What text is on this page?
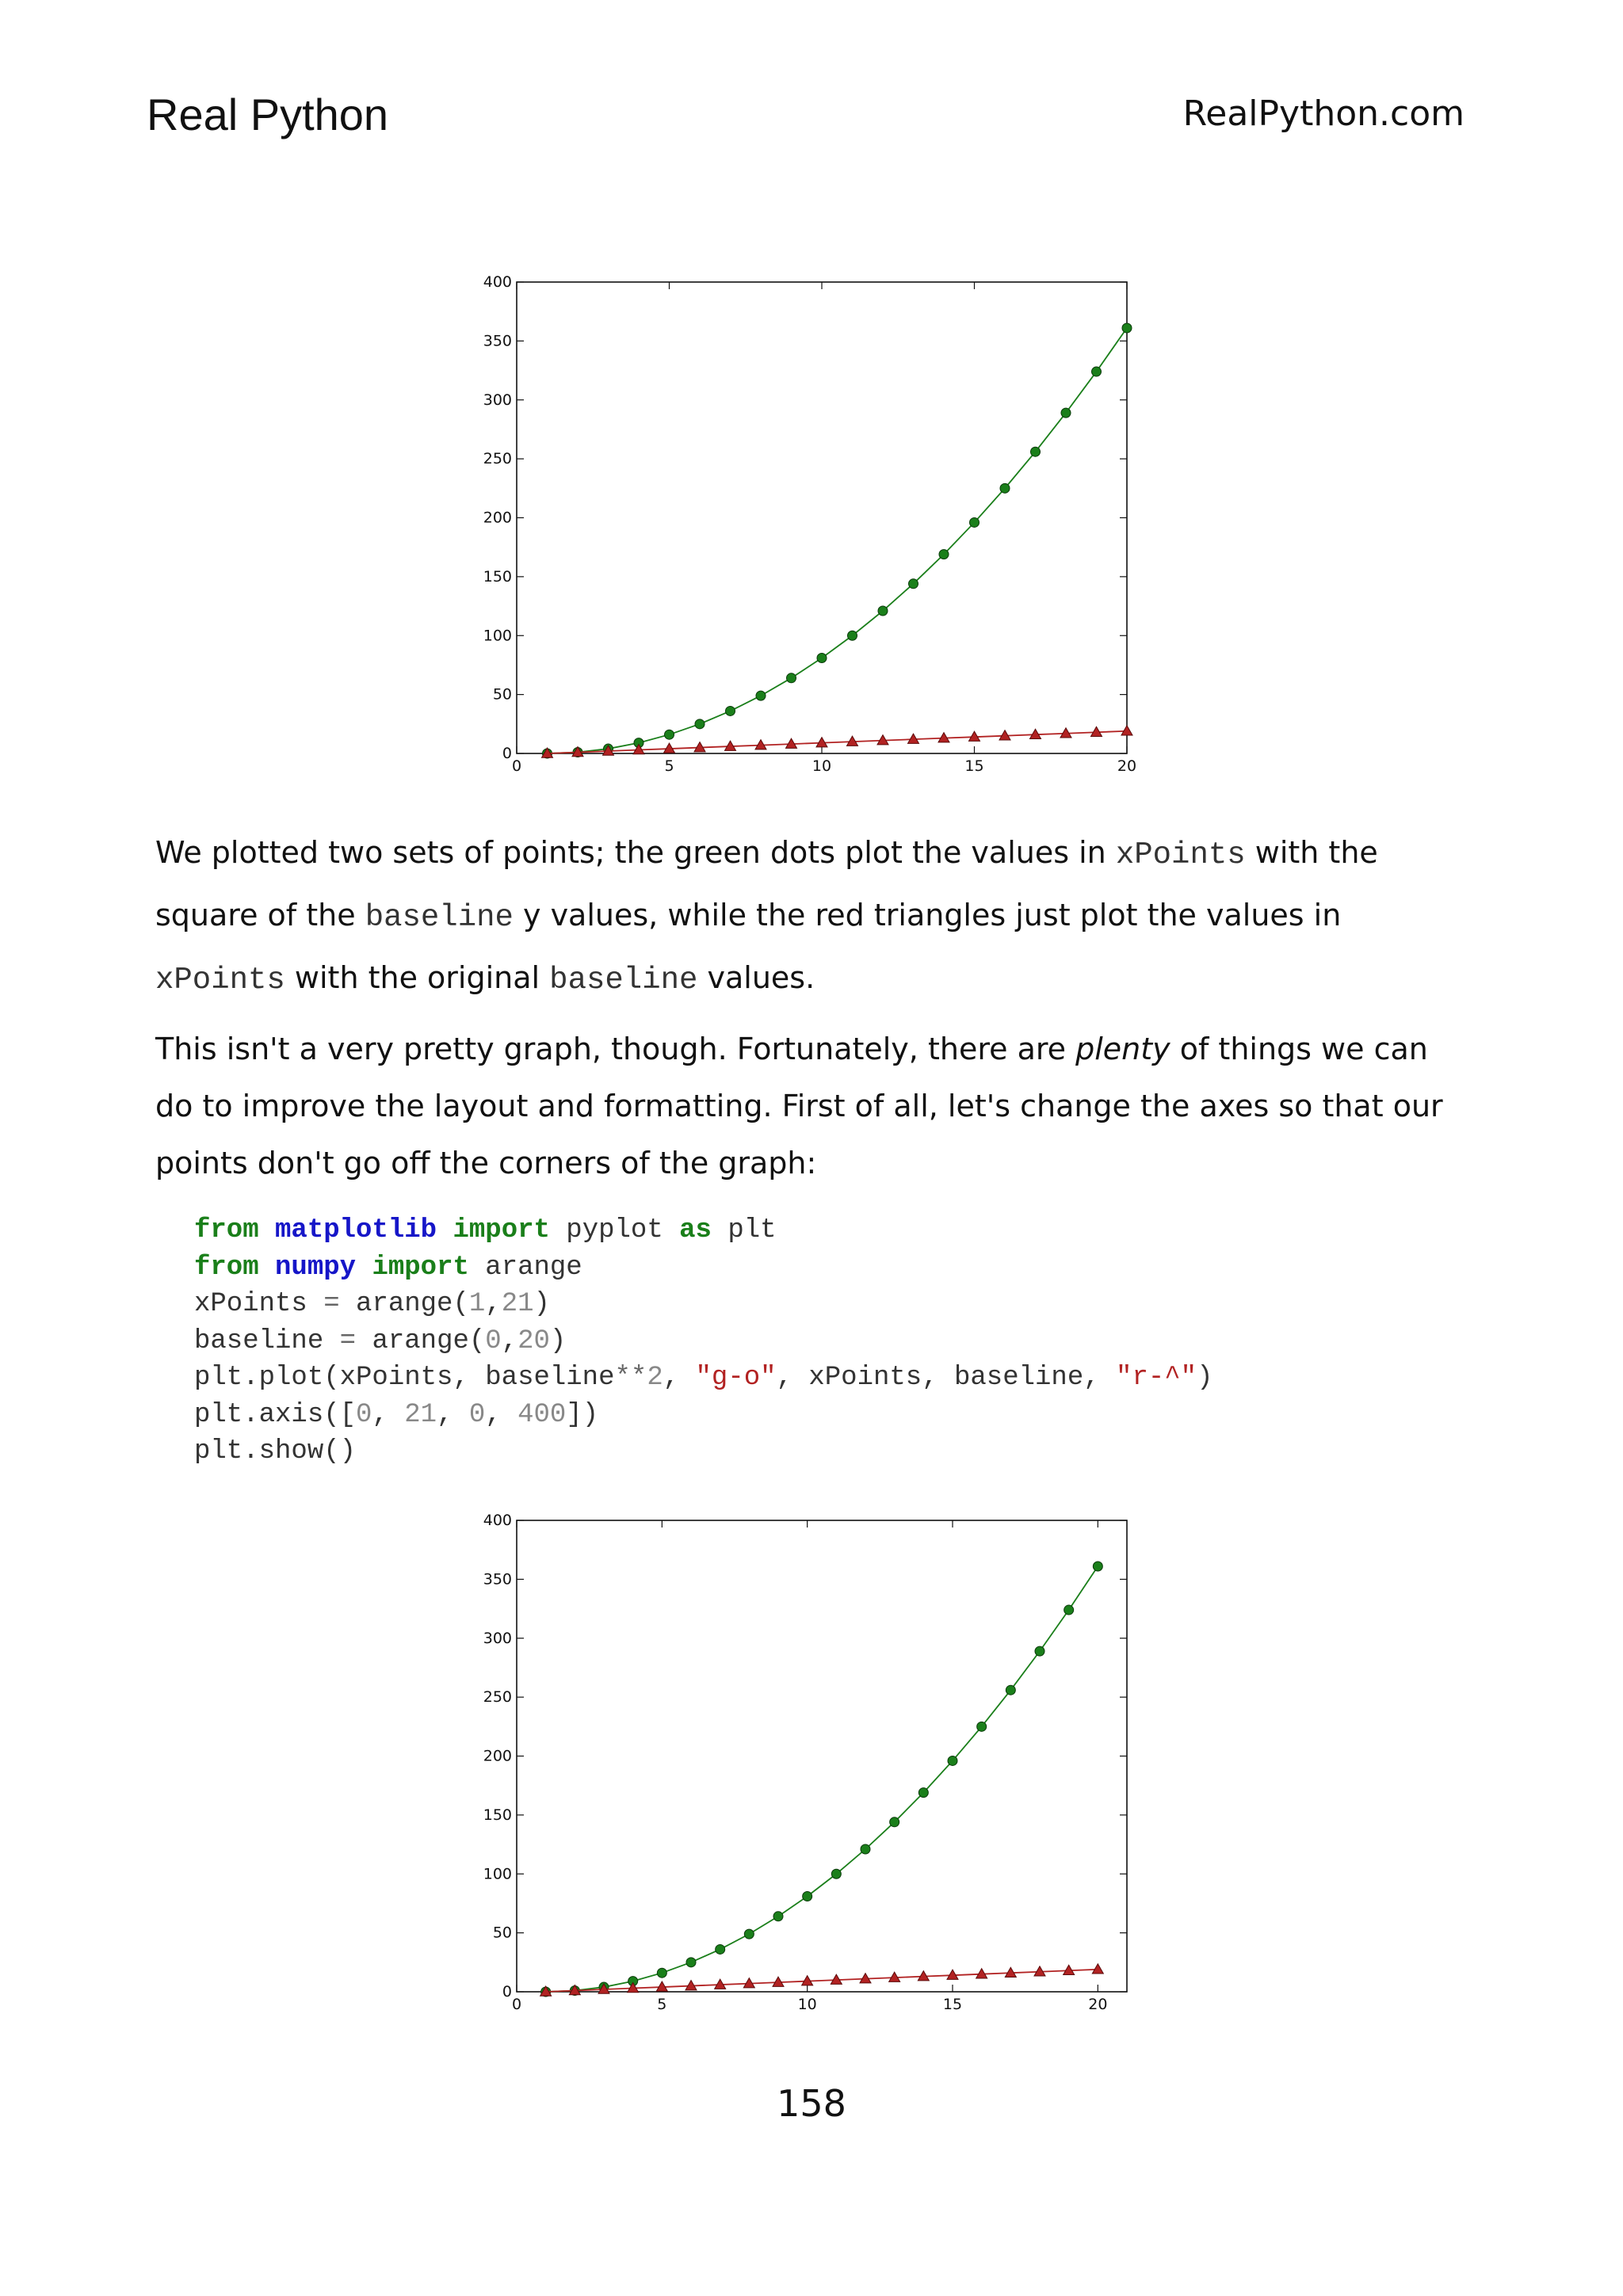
Real Python	RealPython.com
0
50
100
150
200
250
300
350
400
0	5	10	15	20

We plotted two sets of points; the green dots plot the values in xPoints with the square of the baseline y values, while the red triangles just plot the values in xPoints with the original baseline values.

This isn't a very pretty graph, though. Fortunately, there are plenty of things we can do to improve the layout and formatting. First of all, let's change the axes so that our points don't go off the corners of the graph:

from matplotlib import pyplot as plt
from numpy import arange
xPoints = arange(1,21)
baseline = arange(0,20)
plt.plot(xPoints, baseline**2, "g-o", xPoints, baseline, "r-^")
plt.axis([0, 21, 0, 400])
plt.show()
0
50
100
150
200
250
300
350
400
0	5	10	15	20
158
